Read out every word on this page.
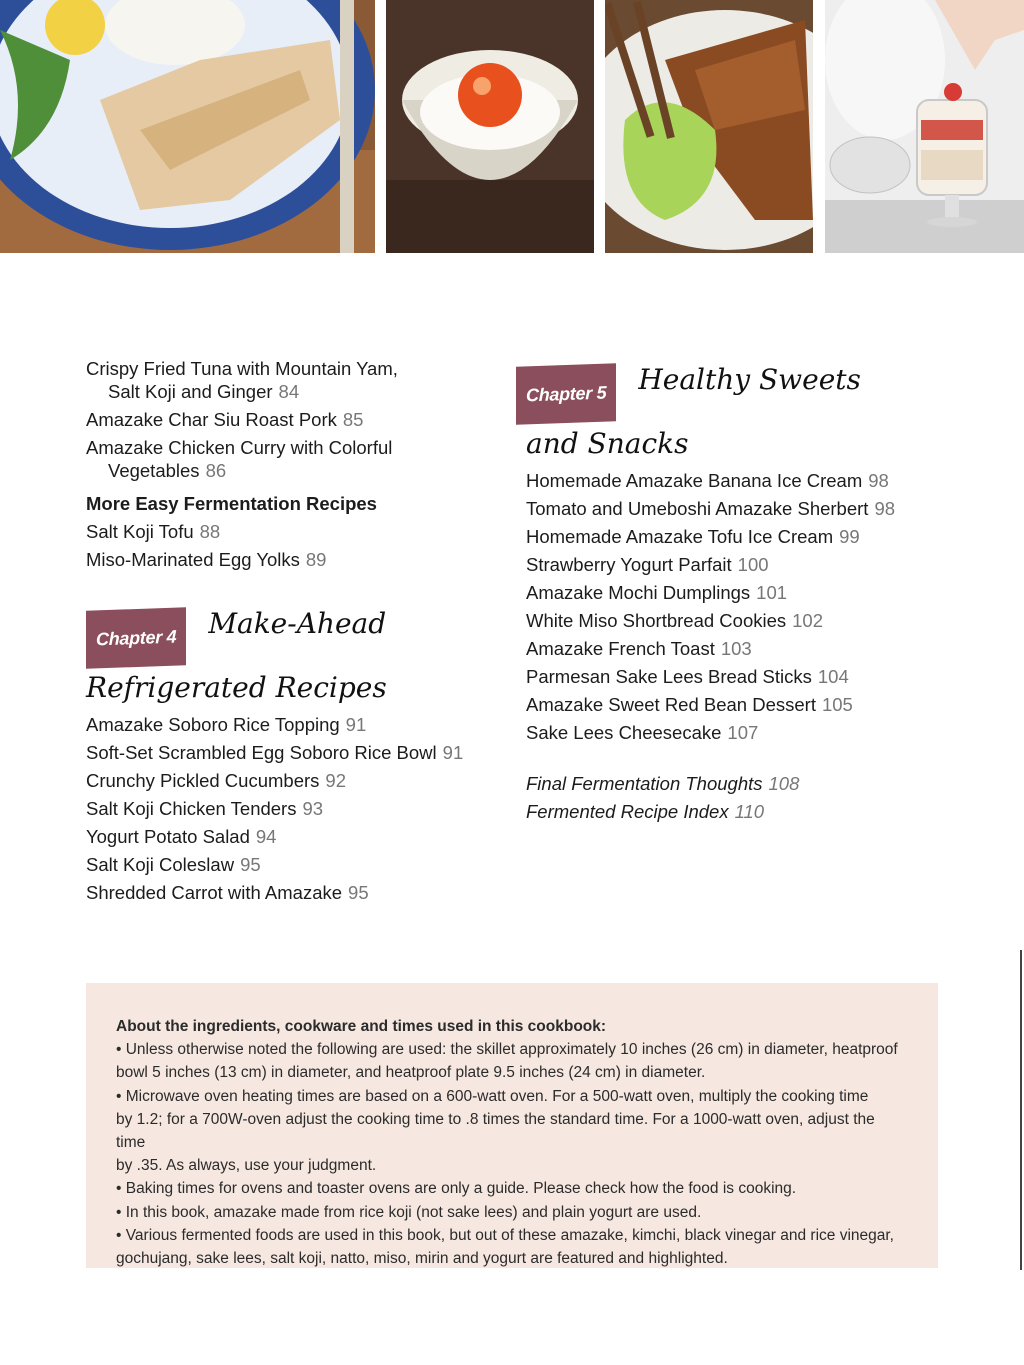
Crispy Fried Tuna with Mountain Yam,
Salt Koji and Ginger 84
Amazake Char Siu Roast Pork 85
Amazake Chicken Curry with Colorful
Vegetables 86
More Easy Fermentation Recipes
Salt Koji Tofu 88
Miso-Marinated Egg Yolks 89
Chapter 4 Make-Ahead
Refrigerated Recipes
Amazake Soboro Rice Topping 91
Soft-Set Scrambled Egg Soboro Rice Bowl 91
Crunchy Pickled Cucumbers 92
Salt Koji Chicken Tenders 93
Yogurt Potato Salad 94
Salt Koji Coleslaw 95
Shredded Carrot with Amazake 95
Chapter 5 Healthy Sweets
and Snacks
Homemade Amazake Banana Ice Cream 98
Tomato and Umeboshi Amazake Sherbert 98
Homemade Amazake Tofu Ice Cream 99
Strawberry Yogurt Parfait 100
Amazake Mochi Dumplings 101
White Miso Shortbread Cookies 102
Amazake French Toast 103
Parmesan Sake Lees Bread Sticks 104
Amazake Sweet Red Bean Dessert 105
Sake Lees Cheesecake 107
Final Fermentation Thoughts 108
Fermented Recipe Index 110
About the ingredients, cookware and times used in this cookbook:
• Unless otherwise noted the following are used: the skillet approximately 10 inches (26 cm) in diameter, heatproof
bowl 5 inches (13 cm) in diameter, and heatproof plate 9.5 inches (24 cm) in diameter.
• Microwave oven heating times are based on a 600-watt oven. For a 500-watt oven, multiply the cooking time
by 1.2; for a 700W-oven adjust the cooking time to .8 times the standard time. For a 1000-watt oven, adjust the time
by .35. As always, use your judgment.
• Baking times for ovens and toaster ovens are only a guide. Please check how the food is cooking.
• In this book, amazake made from rice koji (not sake lees) and plain yogurt are used.
• Various fermented foods are used in this book, but out of these amazake, kimchi, black vinegar and rice vinegar,
gochujang, sake lees, salt koji, natto, miso, mirin and yogurt are featured and highlighted.
